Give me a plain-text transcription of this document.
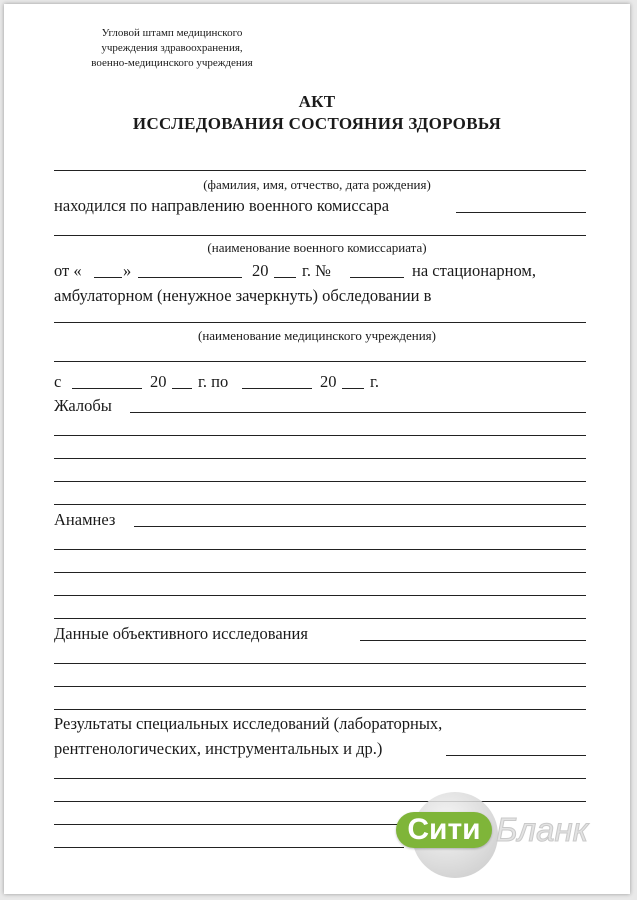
Угловой штамп медицинского
учреждения здравоохранения,
военно-медицинского учреждения
АКТ
ИССЛЕДОВАНИЯ СОСТОЯНИЯ ЗДОРОВЬЯ
(фамилия, имя, отчество, дата рождения)
находился по направлению военного комиссара
(наименование военного комиссариата)
от «	»	20 г. №	на стационарном,
амбулаторном (ненужное зачеркнуть) обследовании в
(наименование медицинского учреждения)
с	20 г. по	20 г.
Жалобы
Анамнез
Данные объективного исследования
Результаты специальных исследований (лабораторных,
рентгенологических, инструментальных и др.)
Сити Бланк
